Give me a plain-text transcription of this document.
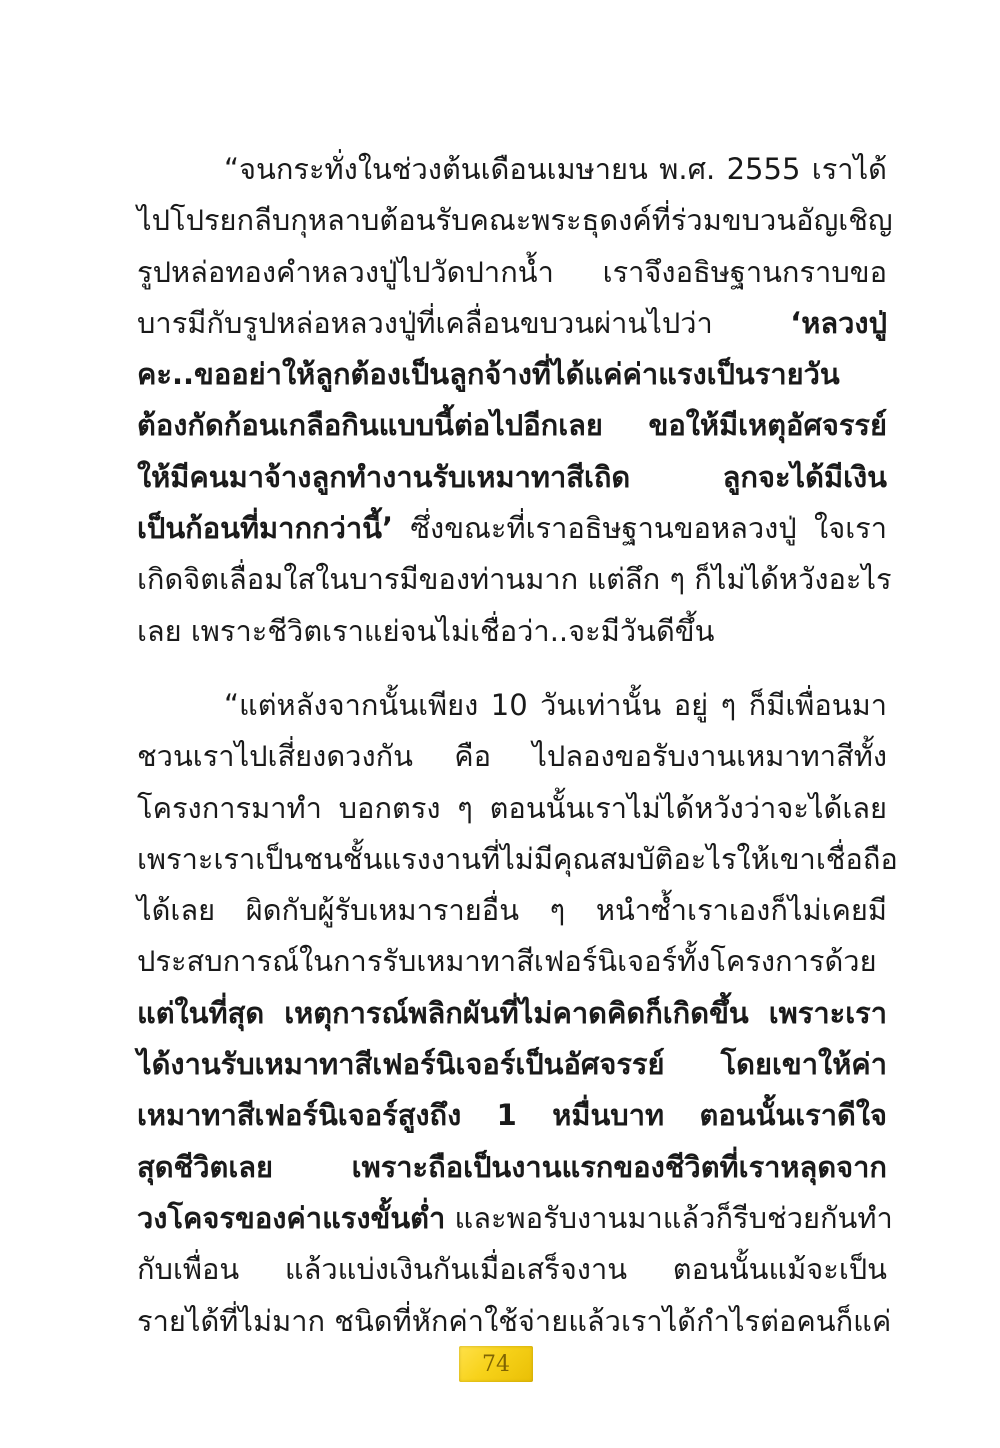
“จนกระทั่งในช่วงต้นเดือนเมษายน พ.ศ. 2555 เราได้
ไปโปรยกลีบกุหลาบต้อนรับคณะพระธุดงค์ที่ร่วมขบวนอัญเชิญ
รูปหล่อทองคำหลวงปู่ไปวัดปากน้ำ เราจึงอธิษฐานกราบขอ
บารมีกับรูปหล่อหลวงปู่ที่เคลื่อนขบวนผ่านไปว่า ‘หลวงปู่
คะ..ขออย่าให้ลูกต้องเป็นลูกจ้างที่ได้แค่ค่าแรงเป็นรายวัน
ต้องกัดก้อนเกลือกินแบบนี้ต่อไปอีกเลย ขอให้มีเหตุอัศจรรย์
ให้มีคนมาจ้างลูกทำงานรับเหมาทาสีเถิด ลูกจะได้มีเงิน
เป็นก้อนที่มากกว่านี้’ ซึ่งขณะที่เราอธิษฐานขอหลวงปู่ ใจเรา
เกิดจิตเลื่อมใสในบารมีของท่านมาก แต่ลึก ๆ ก็ไม่ได้หวังอะไร
เลย เพราะชีวิตเราแย่จนไม่เชื่อว่า..จะมีวันดีขึ้น
“แต่หลังจากนั้นเพียง 10 วันเท่านั้น อยู่ ๆ ก็มีเพื่อนมา
ชวนเราไปเสี่ยงดวงกัน คือ ไปลองขอรับงานเหมาทาสีทั้ง
โครงการมาทำ บอกตรง ๆ ตอนนั้นเราไม่ได้หวังว่าจะได้เลย
เพราะเราเป็นชนชั้นแรงงานที่ไม่มีคุณสมบัติอะไรให้เขาเชื่อถือ
ได้เลย ผิดกับผู้รับเหมารายอื่น ๆ หนำซ้ำเราเองก็ไม่เคยมี
ประสบการณ์ในการรับเหมาทาสีเฟอร์นิเจอร์ทั้งโครงการด้วย
แต่ในที่สุด เหตุการณ์พลิกผันที่ไม่คาดคิดก็เกิดขึ้น เพราะเรา
ได้งานรับเหมาทาสีเฟอร์นิเจอร์เป็นอัศจรรย์ โดยเขาให้ค่า
เหมาทาสีเฟอร์นิเจอร์สูงถึง 1 หมื่นบาท ตอนนั้นเราดีใจ
สุดชีวิตเลย เพราะถือเป็นงานแรกของชีวิตที่เราหลุดจาก
วงโคจรของค่าแรงขั้นต่ำ และพอรับงานมาแล้วก็รีบช่วยกันทำ
กับเพื่อน แล้วแบ่งเงินกันเมื่อเสร็จงาน ตอนนั้นแม้จะเป็น
รายได้ที่ไม่มาก ชนิดที่หักค่าใช้จ่ายแล้วเราได้กำไรต่อคนก็แค่
74
